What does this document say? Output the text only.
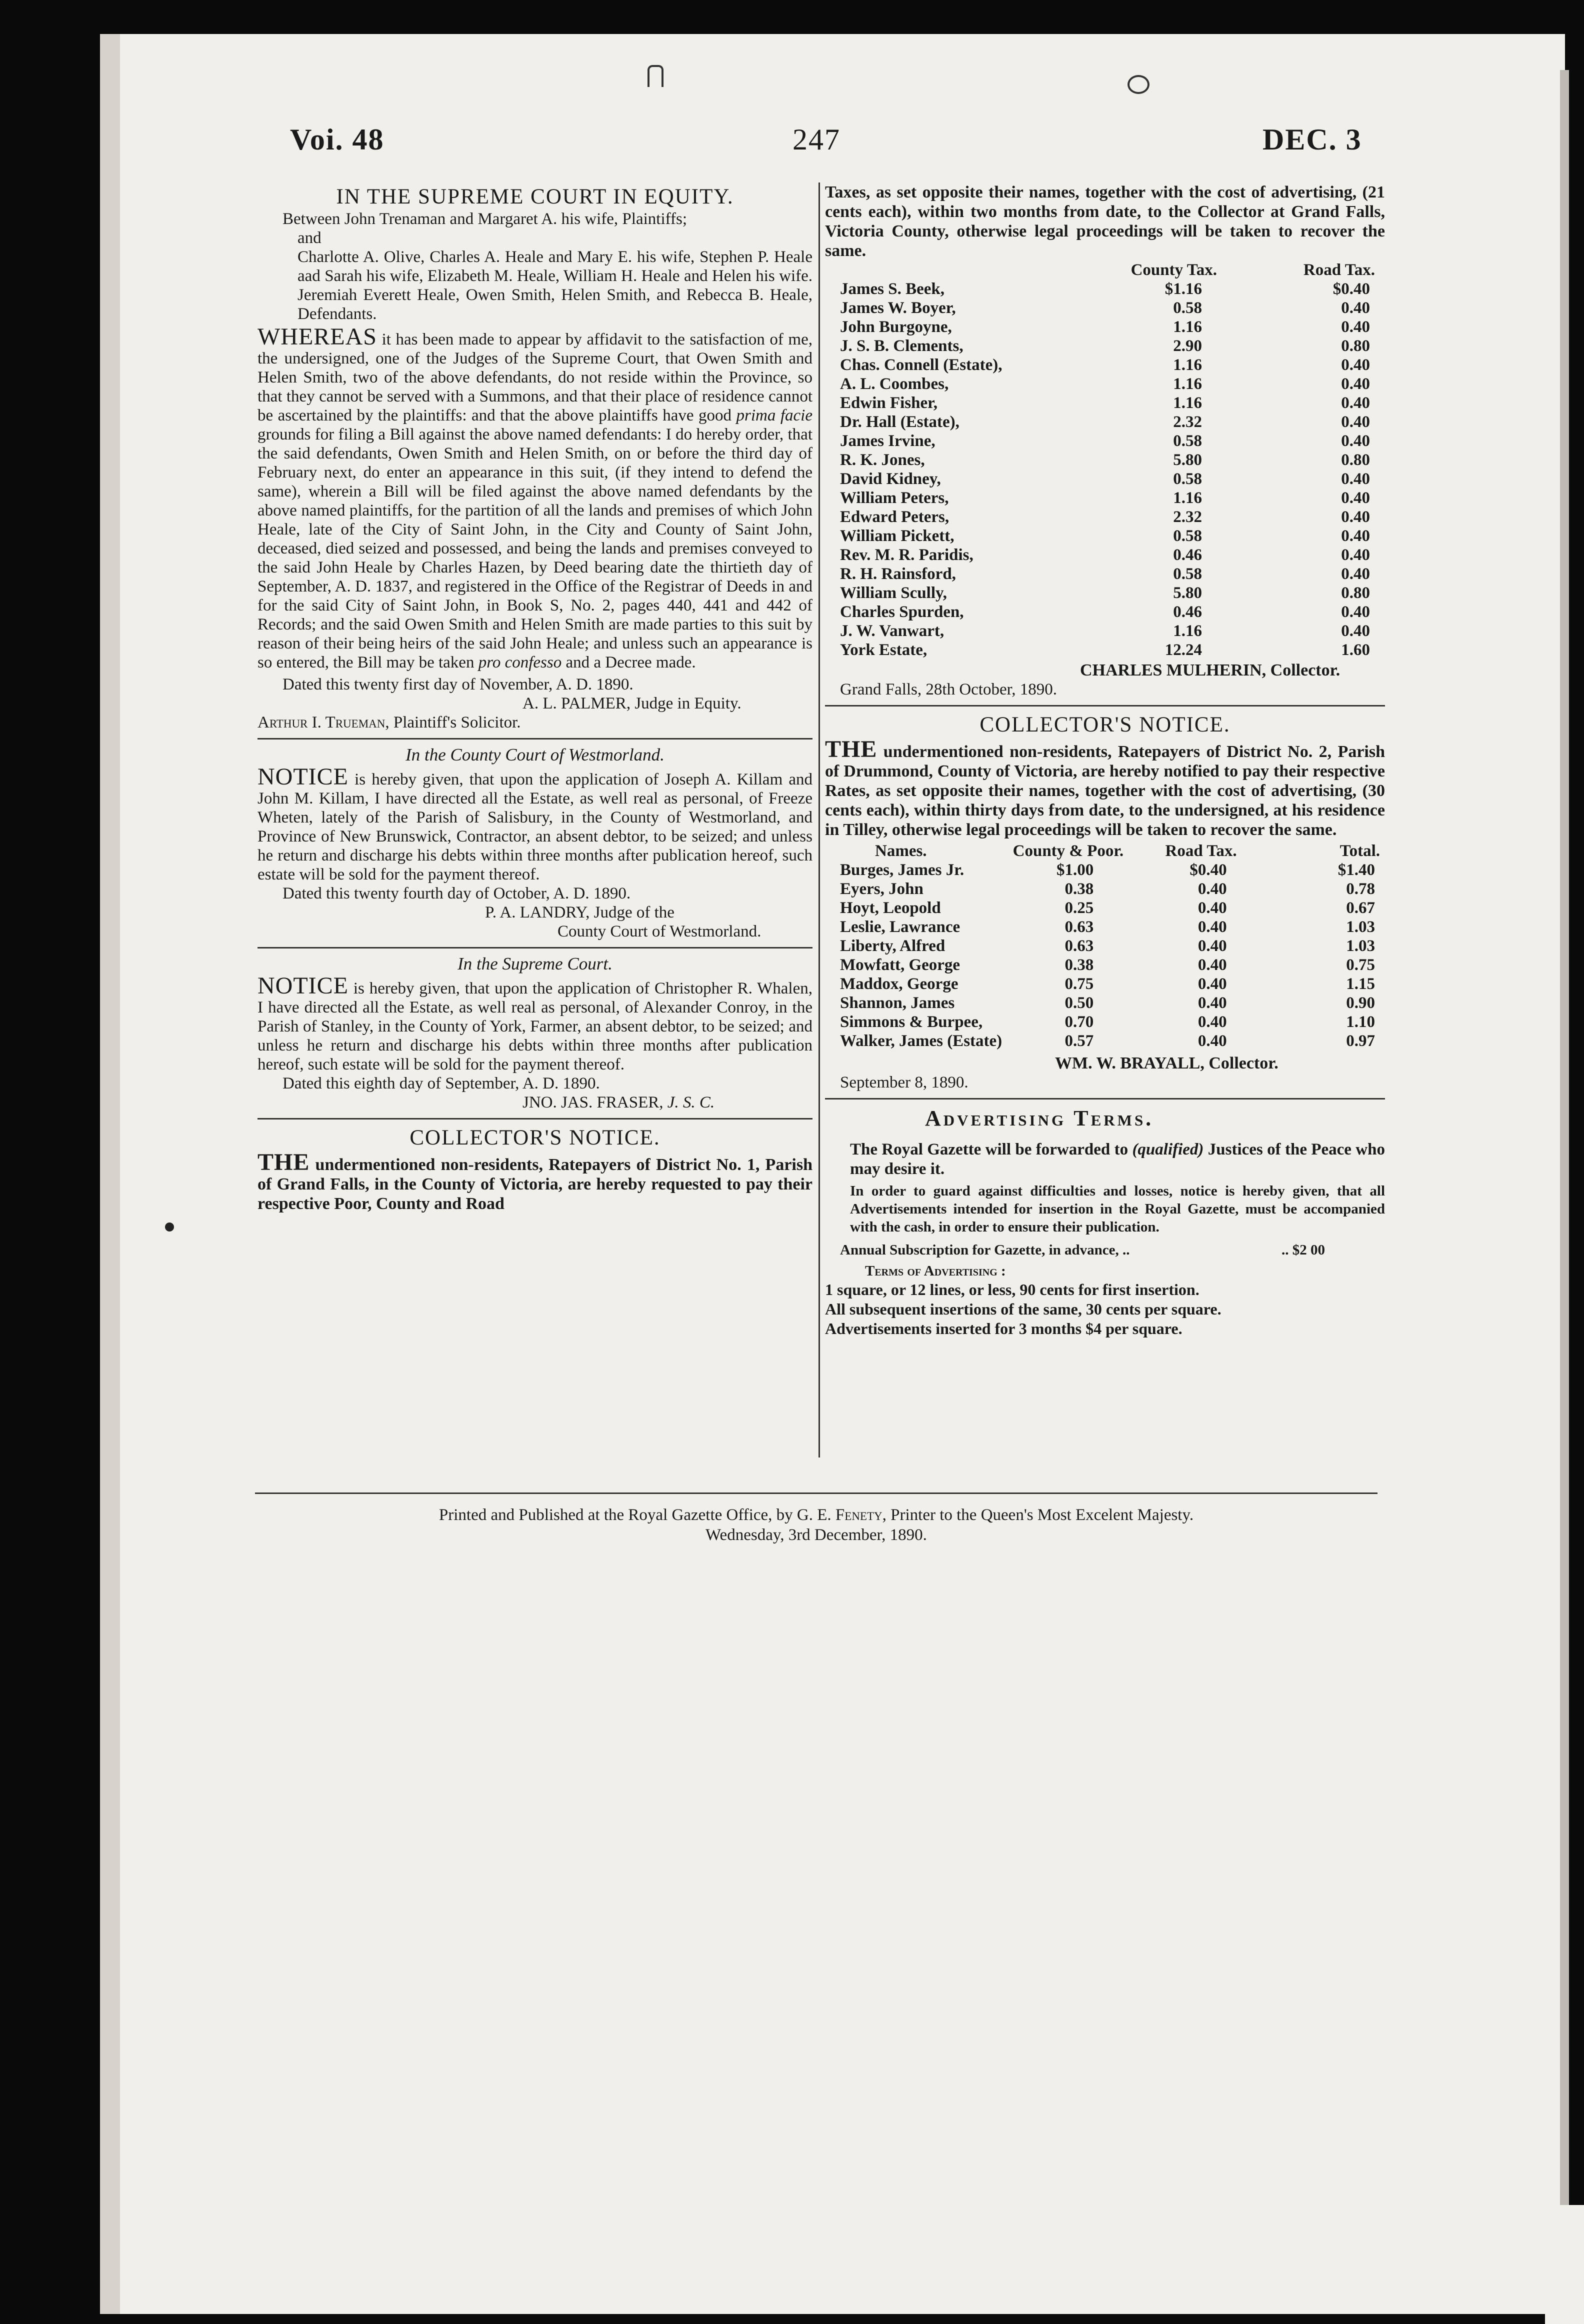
Voi. 48	247	DEC. 3
IN THE SUPREME COURT IN EQUITY.

Between John Trenaman and Margaret A. his wife, Plaintiffs;

and

Charlotte A. Olive, Charles A. Heale and Mary E. his wife, Stephen P. Heale aad Sarah his wife, Elizabeth M. Heale, William H. Heale and Helen his wife. Jeremiah Everett Heale, Owen Smith, Helen Smith, and Rebecca B. Heale, Defendants.

WHEREAS it has been made to appear by affidavit to the satisfaction of me, the undersigned, one of the Judges of the Supreme Court, that Owen Smith and Helen Smith, two of the above defendants, do not reside within the Province, so that they cannot be served with a Summons, and that their place of residence cannot be ascertained by the plaintiffs: and that the above plaintiffs have good prima facie grounds for filing a Bill against the above named defendants: I do hereby order, that the said defendants, Owen Smith and Helen Smith, on or before the third day of February next, do enter an appearance in this suit, (if they intend to defend the same), wherein a Bill will be filed against the above named defendants by the above named plaintiffs, for the partition of all the lands and premises of which John Heale, late of the City of Saint John, in the City and County of Saint John, deceased, died seized and possessed, and being the lands and premises conveyed to the said John Heale by Charles Hazen, by Deed bearing date the thirtieth day of September, A. D. 1837, and registered in the Office of the Registrar of Deeds in and for the said City of Saint John, in Book S, No. 2, pages 440, 441 and 442 of Records; and the said Owen Smith and Helen Smith are made parties to this suit by reason of their being heirs of the said John Heale; and unless such an appearance is so entered, the Bill may be taken pro confesso and a Decree made.

Dated this twenty first day of November, A. D. 1890.

A. L. PALMER, Judge in Equity.

Arthur I. Trueman, Plaintiff's Solicitor.

In the County Court of Westmorland.

NOTICE is hereby given, that upon the application of Joseph A. Killam and John M. Killam, I have directed all the Estate, as well real as personal, of Freeze Wheten, lately of the Parish of Salisbury, in the County of Westmorland, and Province of New Brunswick, Contractor, an absent debtor, to be seized; and unless he return and discharge his debts within three months after publication hereof, such estate will be sold for the payment thereof.

Dated this twenty fourth day of October, A. D. 1890.

P. A. LANDRY, Judge of the

County Court of Westmorland.

In the Supreme Court.

NOTICE is hereby given, that upon the application of Christopher R. Whalen, I have directed all the Estate, as well real as personal, of Alexander Conroy, in the Parish of Stanley, in the County of York, Farmer, an absent debtor, to be seized; and unless he return and discharge his debts within three months after publication hereof, such estate will be sold for the payment thereof.

Dated this eighth day of September, A. D. 1890.

JNO. JAS. FRASER, J. S. C.

COLLECTOR'S NOTICE.

THE undermentioned non-residents, Ratepayers of District No. 1, Parish of Grand Falls, in the County of Victoria, are hereby requested to pay their respective Poor, County and Road

Taxes, as set opposite their names, together with the cost of advertising, (21 cents each), within two months from date, to the Collector at Grand Falls, Victoria County, otherwise legal proceedings will be taken to recover the same.

	County Tax.	Road Tax.
James S. Beek,	$1.16	$0.40
James W. Boyer,	0.58	0.40
John Burgoyne,	1.16	0.40
J. S. B. Clements,	2.90	0.80
Chas. Connell (Estate),	1.16	0.40
A. L. Coombes,	1.16	0.40
Edwin Fisher,	1.16	0.40
Dr. Hall (Estate),	2.32	0.40
James Irvine,	0.58	0.40
R. K. Jones,	5.80	0.80
David Kidney,	0.58	0.40
William Peters,	1.16	0.40
Edward Peters,	2.32	0.40
William Pickett,	0.58	0.40
Rev. M. R. Paridis,	0.46	0.40
R. H. Rainsford,	0.58	0.40
William Scully,	5.80	0.80
Charles Spurden,	0.46	0.40
J. W. Vanwart,	1.16	0.40
York Estate,	12.24	1.60

CHARLES MULHERIN, Collector.

Grand Falls, 28th October, 1890.

COLLECTOR'S NOTICE.

THE undermentioned non-residents, Ratepayers of District No. 2, Parish of Drummond, County of Victoria, are hereby notified to pay their respective Rates, as set opposite their names, together with the cost of advertising, (30 cents each), within thirty days from date, to the undersigned, at his residence in Tilley, otherwise legal proceedings will be taken to recover the same.

Names.	County & Poor.	Road Tax.	Total.
Burges, James Jr.	$1.00	$0.40	$1.40
Eyers, John	0.38	0.40	0.78
Hoyt, Leopold	0.25	0.40	0.67
Leslie, Lawrance	0.63	0.40	1.03
Liberty, Alfred	0.63	0.40	1.03
Mowfatt, George	0.38	0.40	0.75
Maddox, George	0.75	0.40	1.15
Shannon, James	0.50	0.40	0.90
Simmons & Burpee,	0.70	0.40	1.10
Walker, James (Estate)	0.57	0.40	0.97

WM. W. BRAYALL, Collector.

September 8, 1890.

Advertising Terms.

The Royal Gazette will be forwarded to (qualified) Justices of the Peace who may desire it.

In order to guard against difficulties and losses, notice is hereby given, that all Advertisements intended for insertion in the Royal Gazette, must be accompanied with the cash, in order to ensure their publication.

Annual Subscription for Gazette, in advance, ..	.. $2 00

Terms of Advertising :

1 square, or 12 lines, or less, 90 cents for first insertion.

All subsequent insertions of the same, 30 cents per square.

Advertisements inserted for 3 months $4 per square.

Printed and Published at the Royal Gazette Office, by G. E. Fenety, Printer to the Queen's Most Excelent Majesty.
Wednesday, 3rd December, 1890.
